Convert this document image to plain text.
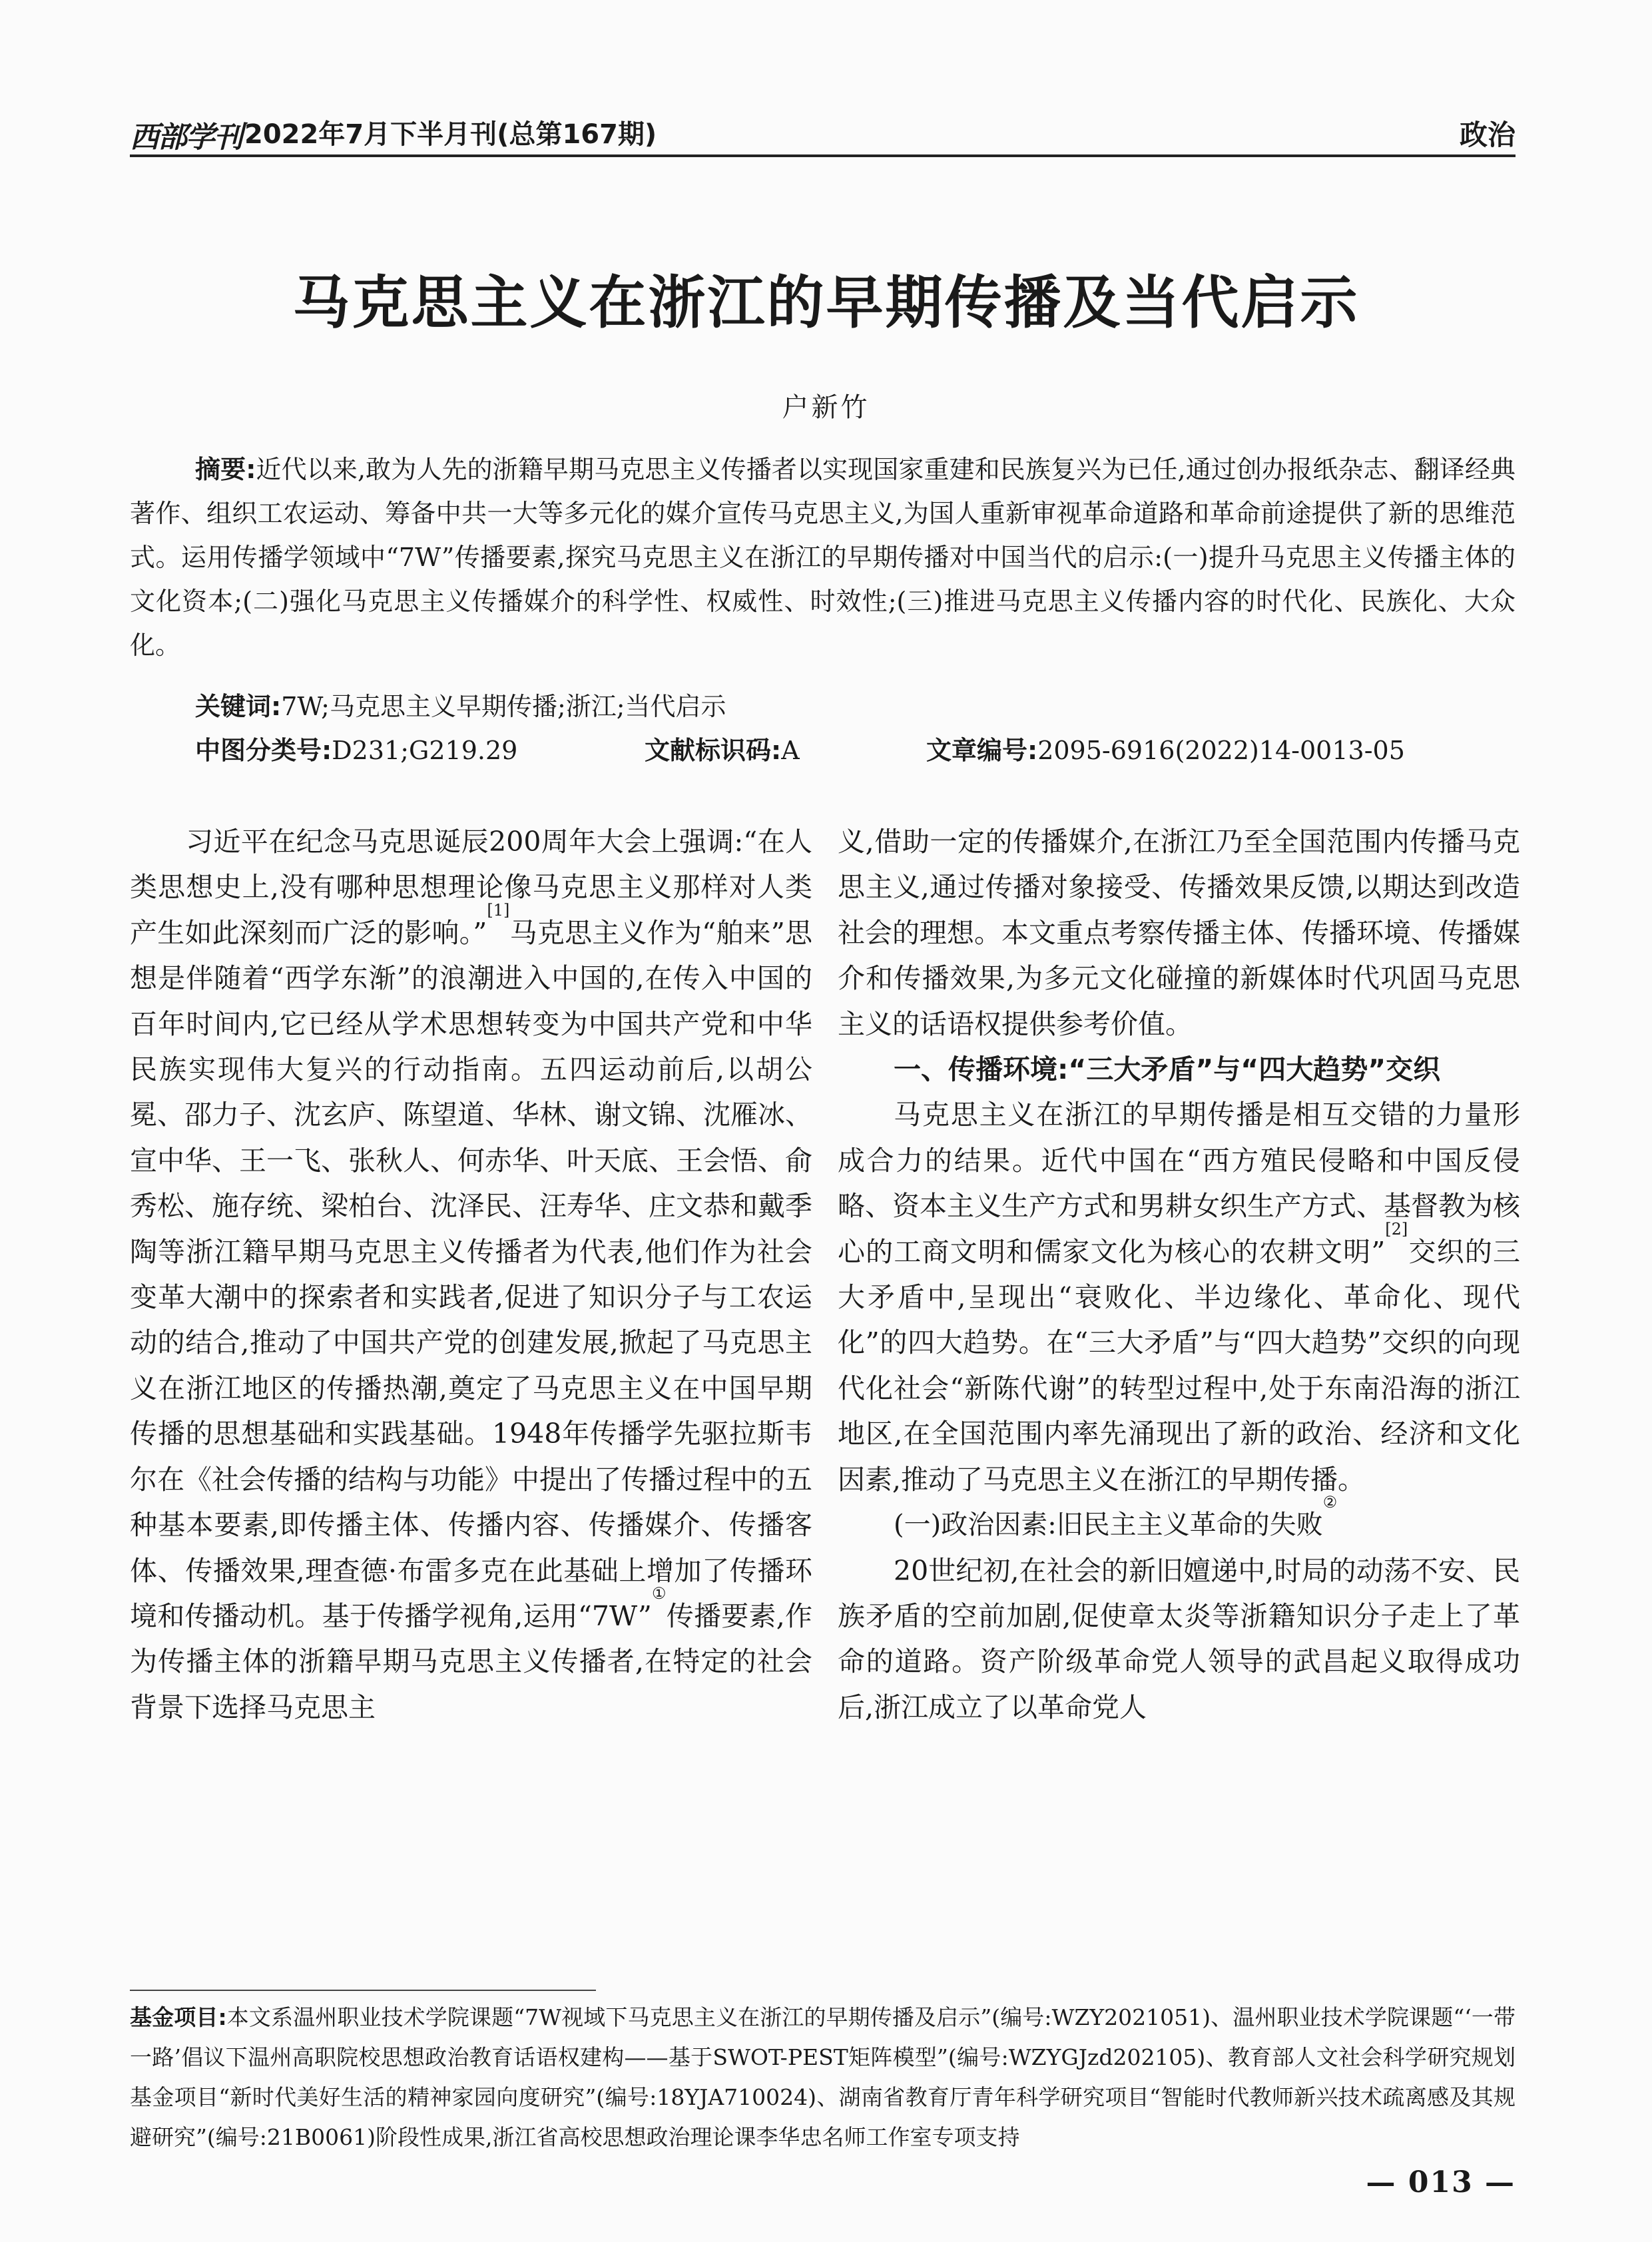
西部学刊 2022年7月下半月刊(总第167期)	政治
马克思主义在浙江的早期传播及当代启示
户新竹
摘要:近代以来,敢为人先的浙籍早期马克思主义传播者以实现国家重建和民族复兴为已任,通过创办报纸杂志、翻译经典著作、组织工农运动、筹备中共一大等多元化的媒介宣传马克思主义,为国人重新审视革命道路和革命前途提供了新的思维范式。运用传播学领域中“7W”传播要素,探究马克思主义在浙江的早期传播对中国当代的启示:(一)提升马克思主义传播主体的文化资本;(二)强化马克思主义传播媒介的科学性、权威性、时效性;(三)推进马克思主义传播内容的时代化、民族化、大众化。
关键词:7W;马克思主义早期传播;浙江;当代启示
中图分类号:D231;G219.29	文献标识码:A	文章编号:2095-6916(2022)14-0013-05

习近平在纪念马克思诞辰200周年大会上强调:“在人类思想史上,没有哪种思想理论像马克思主义那样对人类产生如此深刻而广泛的影响。”[1]马克思主义作为“舶来”思想是伴随着“西学东渐”的浪潮进入中国的,在传入中国的百年时间内,它已经从学术思想转变为中国共产党和中华民族实现伟大复兴的行动指南。五四运动前后,以胡公冕、邵力子、沈玄庐、陈望道、华林、谢文锦、沈雁冰、宣中华、王一飞、张秋人、何赤华、叶天底、王会悟、俞秀松、施存统、梁柏台、沈泽民、汪寿华、庄文恭和戴季陶等浙江籍早期马克思主义传播者为代表,他们作为社会变革大潮中的探索者和实践者,促进了知识分子与工农运动的结合,推动了中国共产党的创建发展,掀起了马克思主义在浙江地区的传播热潮,奠定了马克思主义在中国早期传播的思想基础和实践基础。1948年传播学先驱拉斯韦尔在《社会传播的结构与功能》中提出了传播过程中的五种基本要素,即传播主体、传播内容、传播媒介、传播客体、传播效果,理查德·布雷多克在此基础上增加了传播环境和传播动机。基于传播学视角,运用“7W”①传播要素,作为传播主体的浙籍早期马克思主义传播者,在特定的社会背景下选择马克思主

义,借助一定的传播媒介,在浙江乃至全国范围内传播马克思主义,通过传播对象接受、传播效果反馈,以期达到改造社会的理想。本文重点考察传播主体、传播环境、传播媒介和传播效果,为多元文化碰撞的新媒体时代巩固马克思主义的话语权提供参考价值。

一、传播环境:“三大矛盾”与“四大趋势”交织

马克思主义在浙江的早期传播是相互交错的力量形成合力的结果。近代中国在“西方殖民侵略和中国反侵略、资本主义生产方式和男耕女织生产方式、基督教为核心的工商文明和儒家文化为核心的农耕文明”[2]交织的三大矛盾中,呈现出“衰败化、半边缘化、革命化、现代化”的四大趋势。在“三大矛盾”与“四大趋势”交织的向现代化社会“新陈代谢”的转型过程中,处于东南沿海的浙江地区,在全国范围内率先涌现出了新的政治、经济和文化因素,推动了马克思主义在浙江的早期传播。

(一)政治因素:旧民主主义革命的失败②

20世纪初,在社会的新旧嬗递中,时局的动荡不安、民族矛盾的空前加剧,促使章太炎等浙籍知识分子走上了革命的道路。资产阶级革命党人领导的武昌起义取得成功后,浙江成立了以革命党人

基金项目:本文系温州职业技术学院课题“7W视域下马克思主义在浙江的早期传播及启示”(编号:WZY2021051)、温州职业技术学院课题“‘一带一路’倡议下温州高职院校思想政治教育话语权建构——基于SWOT-PEST矩阵模型”(编号:WZYGJzd202105)、教育部人文社会科学研究规划基金项目“新时代美好生活的精神家园向度研究”(编号:18YJA710024)、湖南省教育厅青年科学研究项目“智能时代教师新兴技术疏离感及其规避研究”(编号:21B0061)阶段性成果,浙江省高校思想政治理论课李华忠名师工作室专项支持
— 013 —
